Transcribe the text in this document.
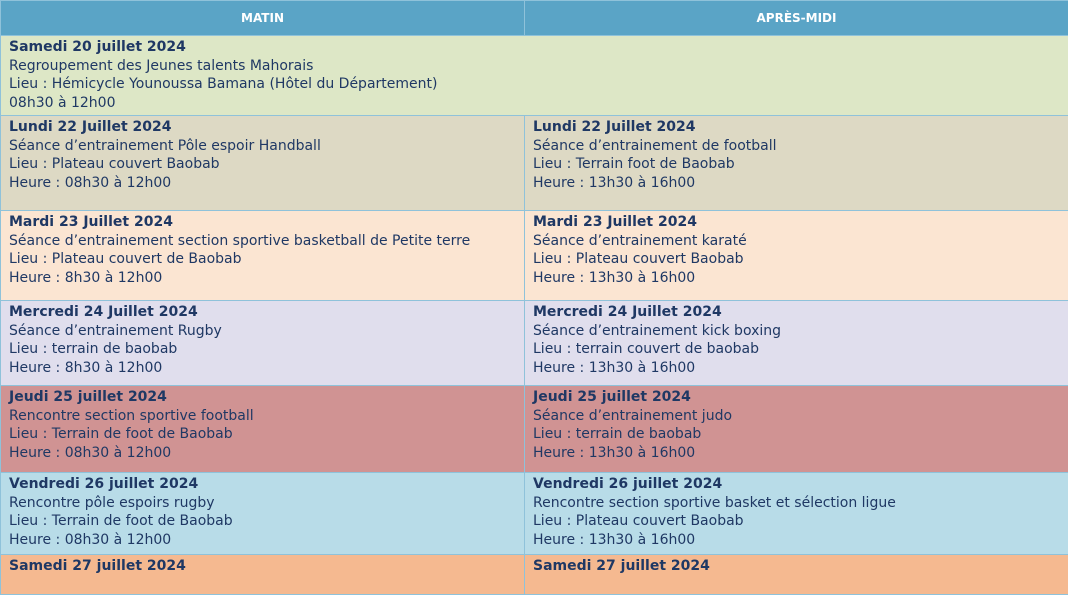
MATIN	APRÈS-MIDI

Samedi 20 juillet 2024
Regroupement des Jeunes talents Mahorais
Lieu : Hémicycle Younoussa Bamana (Hôtel du Département)
08h30 à 12h00	

Lundi 22 Juillet 2024
Séance d’entrainement Pôle espoir Handball
Lieu : Plateau couvert Baobab
Heure : 08h30 à 12h00	Lundi 22 Juillet 2024
Séance d’entrainement de football
Lieu : Terrain foot de Baobab
Heure : 13h30 à 16h00

Mardi 23 Juillet 2024
Séance d’entrainement section sportive basketball de Petite terre
Lieu : Plateau couvert de Baobab
Heure : 8h30 à 12h00	Mardi 23 Juillet 2024
Séance d’entrainement karaté
Lieu : Plateau couvert Baobab
Heure : 13h30 à 16h00

Mercredi 24 Juillet 2024
Séance d’entrainement Rugby
Lieu : terrain de baobab
Heure : 8h30 à 12h00	Mercredi 24 Juillet 2024
Séance d’entrainement kick boxing
Lieu : terrain couvert de baobab
Heure : 13h30 à 16h00

Jeudi 25 juillet 2024
Rencontre section sportive football
Lieu : Terrain de foot de Baobab
Heure : 08h30 à 12h00	Jeudi 25 juillet 2024
Séance d’entrainement judo
Lieu : terrain de baobab
Heure : 13h30 à 16h00

Vendredi 26 juillet 2024
Rencontre pôle espoirs rugby
Lieu : Terrain de foot de Baobab
Heure : 08h30 à 12h00	Vendredi 26 juillet 2024
Rencontre section sportive basket et sélection ligue
Lieu : Plateau couvert Baobab
Heure : 13h30 à 16h00

Samedi 27 juillet 2024	Samedi 27 juillet 2024
